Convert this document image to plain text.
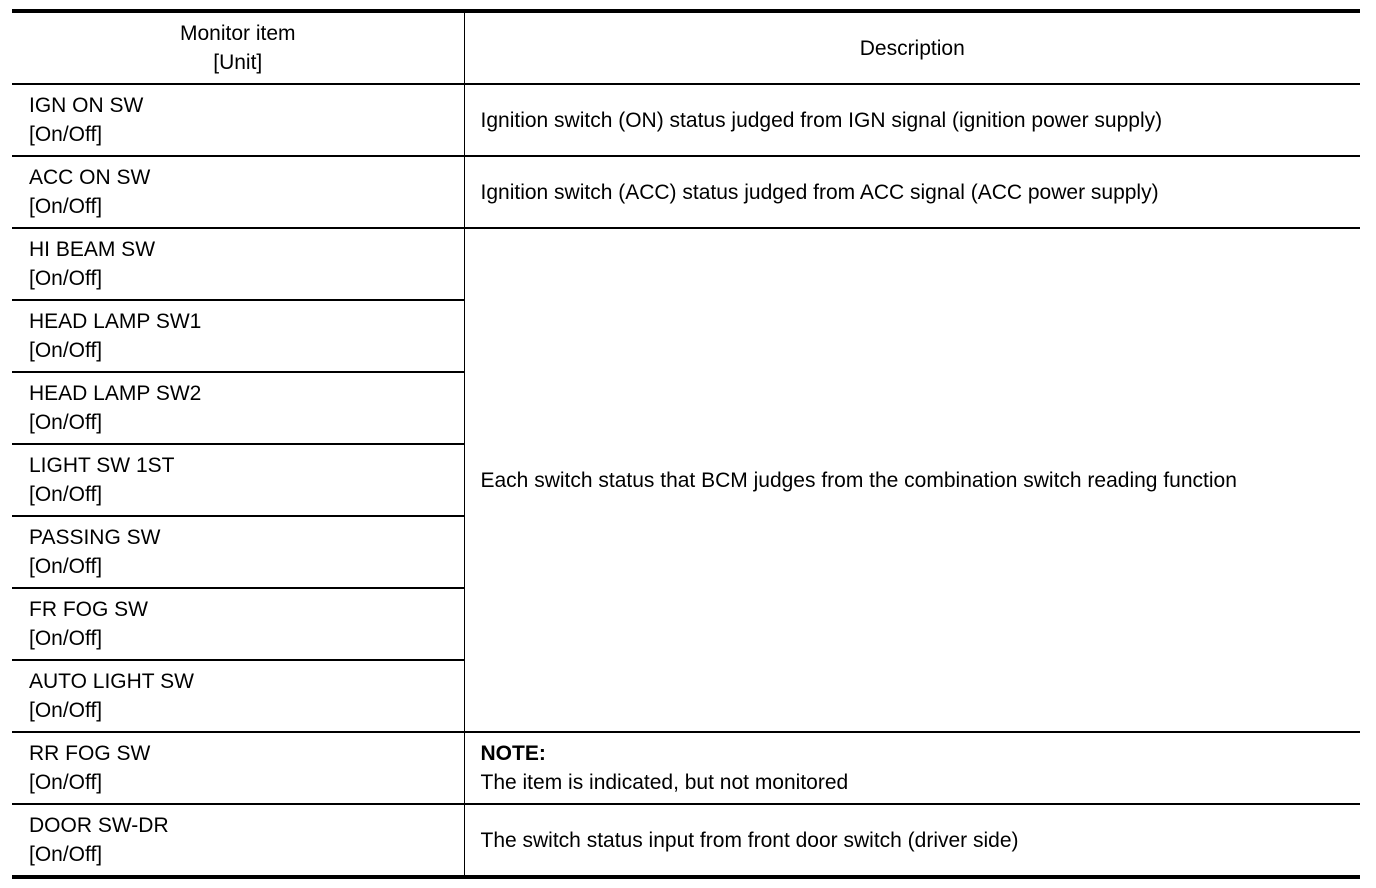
Monitor item
[Unit]	Description

IGN ON SW
[On/Off]	Ignition switch (ON) status judged from IGN signal (ignition power supply)

ACC ON SW
[On/Off]	Ignition switch (ACC) status judged from ACC signal (ACC power supply)

HI BEAM SW
[On/Off]	Each switch status that BCM judges from the combination switch reading function

HEAD LAMP SW1
[On/Off]	

HEAD LAMP SW2
[On/Off]	

LIGHT SW 1ST
[On/Off]	

PASSING SW
[On/Off]	

FR FOG SW
[On/Off]	

AUTO LIGHT SW
[On/Off]	

RR FOG SW
[On/Off]	NOTE:
The item is indicated, but not monitored

DOOR SW-DR
[On/Off]	The switch status input from front door switch (driver side)
